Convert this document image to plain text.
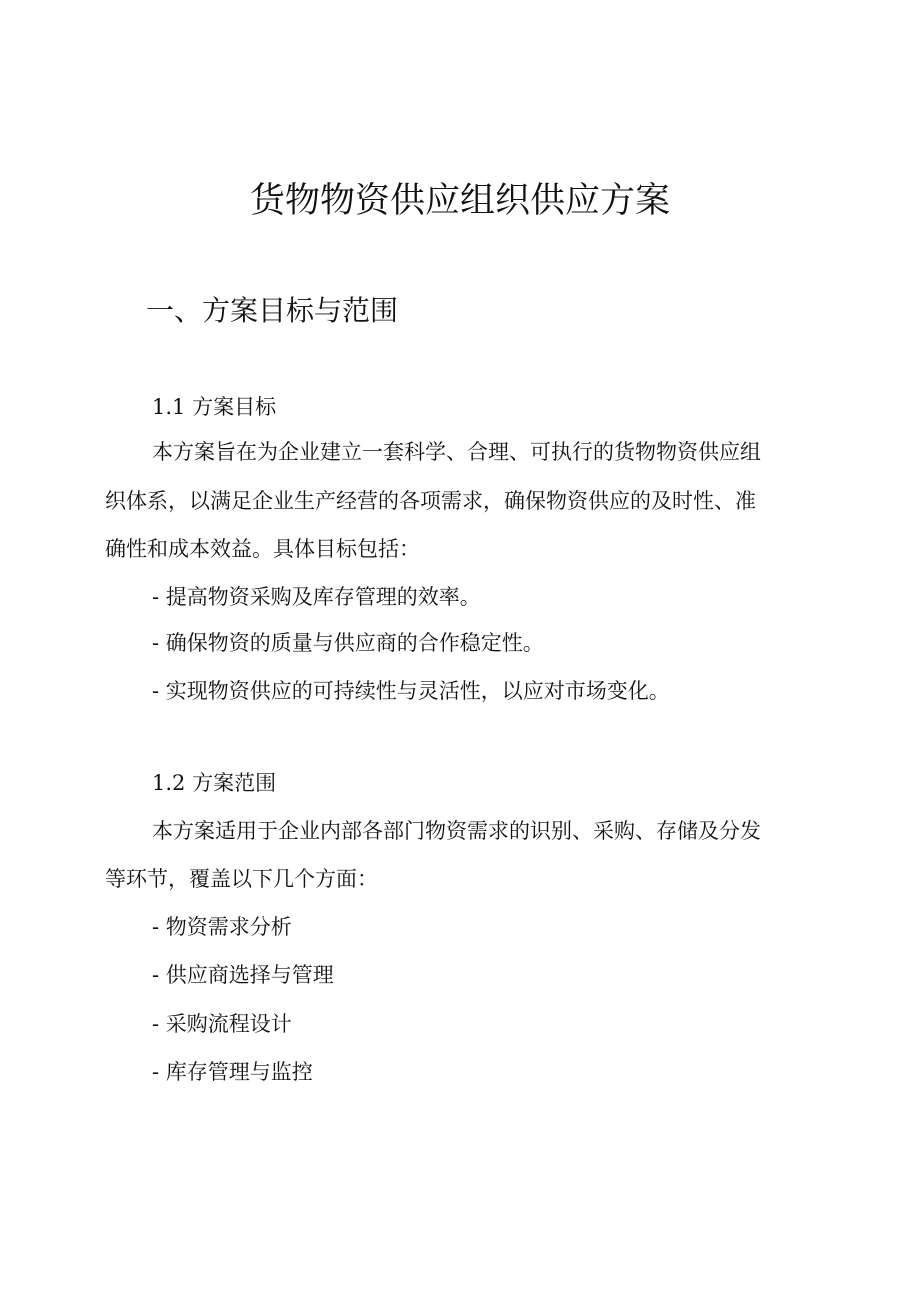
货物物资供应组织供应方案
一、方案目标与范围

1.1 方案目标

本方案旨在为企业建立一套科学、合理、可执行的货物物资供应组

织体系，以满足企业生产经营的各项需求，确保物资供应的及时性、准

确性和成本效益。具体目标包括：

- 提高物资采购及库存管理的效率。

- 确保物资的质量与供应商的合作稳定性。

- 实现物资供应的可持续性与灵活性，以应对市场变化。

1.2 方案范围

本方案适用于企业内部各部门物资需求的识别、采购、存储及分发

等环节，覆盖以下几个方面：

- 物资需求分析

- 供应商选择与管理

- 采购流程设计

- 库存管理与监控
